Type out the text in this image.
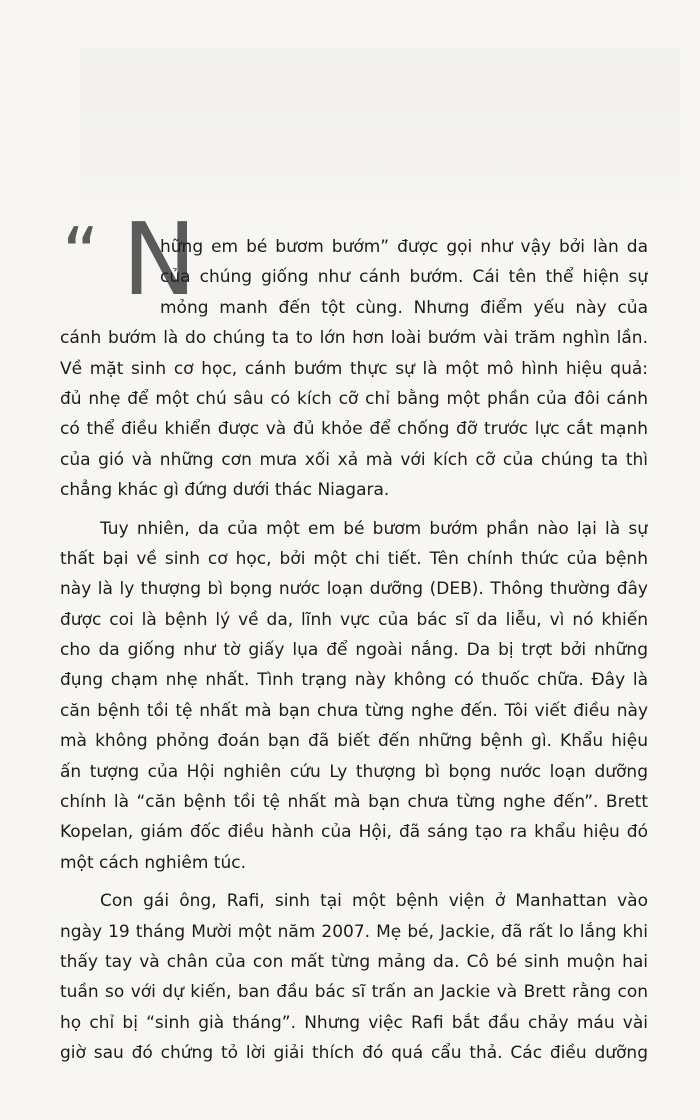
“ N
hững em bé bươm bướm” được gọi như vậy bởi làn da
của chúng giống như cánh bướm. Cái tên thể hiện sự
mỏng manh đến tột cùng. Nhưng điểm yếu này của
cánh bướm là do chúng ta to lớn hơn loài bướm vài trăm nghìn lần.
Về mặt sinh cơ học, cánh bướm thực sự là một mô hình hiệu quả:
đủ nhẹ để một chú sâu có kích cỡ chỉ bằng một phần của đôi cánh
có thể điều khiển được và đủ khỏe để chống đỡ trước lực cắt mạnh
của gió và những cơn mưa xối xả mà với kích cỡ của chúng ta thì
chẳng khác gì đứng dưới thác Niagara.
Tuy nhiên, da của một em bé bươm bướm phần nào lại là sự
thất bại về sinh cơ học, bởi một chi tiết. Tên chính thức của bệnh
này là ly thượng bì bọng nước loạn dưỡng (DEB). Thông thường đây
được coi là bệnh lý về da, lĩnh vực của bác sĩ da liễu, vì nó khiến
cho da giống như tờ giấy lụa để ngoài nắng. Da bị trợt bởi những
đụng chạm nhẹ nhất. Tình trạng này không có thuốc chữa. Đây là
căn bệnh tồi tệ nhất mà bạn chưa từng nghe đến. Tôi viết điều này
mà không phỏng đoán bạn đã biết đến những bệnh gì. Khẩu hiệu
ấn tượng của Hội nghiên cứu Ly thượng bì bọng nước loạn dưỡng
chính là “căn bệnh tồi tệ nhất mà bạn chưa từng nghe đến”. Brett
Kopelan, giám đốc điều hành của Hội, đã sáng tạo ra khẩu hiệu đó
một cách nghiêm túc.
Con gái ông, Rafi, sinh tại một bệnh viện ở Manhattan vào
ngày 19 tháng Mười một năm 2007. Mẹ bé, Jackie, đã rất lo lắng khi
thấy tay và chân của con mất từng mảng da. Cô bé sinh muộn hai
tuần so với dự kiến, ban đầu bác sĩ trấn an Jackie và Brett rằng con
họ chỉ bị “sinh già tháng”. Nhưng việc Rafi bắt đầu chảy máu vài
giờ sau đó chứng tỏ lời giải thích đó quá cẩu thả. Các điều dưỡng
